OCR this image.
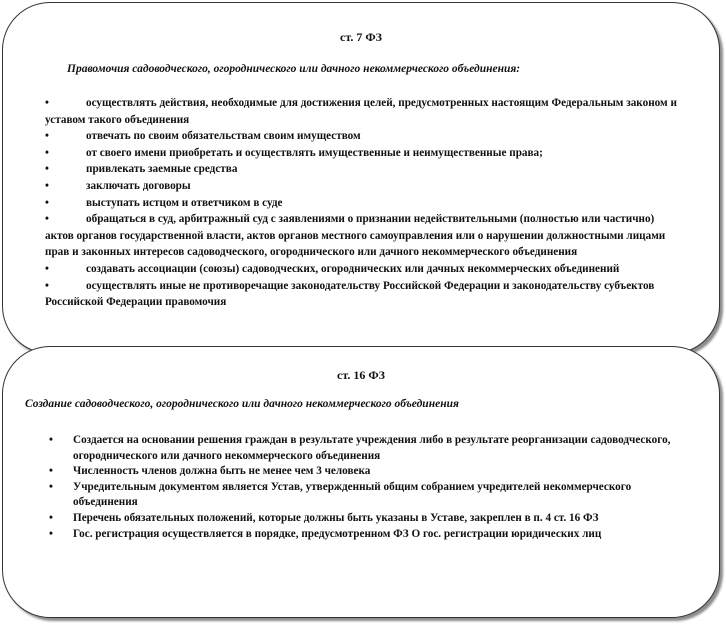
ст. 7 ФЗ
Правомочия садоводческого, огороднического или дачного некоммерческого объединения:
•	осуществлять действия, необходимые для достижения целей, предусмотренных настоящим Федеральным законом и уставом такого объединения
•	отвечать по своим обязательствам своим имуществом
•	от своего имени приобретать и осуществлять имущественные и неимущественные права;
•	привлекать заемные средства
•	заключать договоры
•	выступать истцом и ответчиком в суде
•	обращаться в суд, арбитражный суд с заявлениями о признании недействительными (полностью или частично) актов органов государственной власти, актов органов местного самоуправления или о нарушении должностными лицами прав и законных интересов садоводческого, огороднического или дачного некоммерческого объединения
•	создавать ассоциации (союзы) садоводческих, огороднических или дачных некоммерческих объединений
•	осуществлять иные не противоречащие законодательству Российской Федерации и законодательству субъектов Российской Федерации правомочия
ст. 16 ФЗ
Создание садоводческого, огороднического или дачного некоммерческого объединения
• Создается на основании решения граждан в результате учреждения либо в результате реорганизации садоводческого, огороднического или дачного некоммерческого объединения
• Численность членов должна быть не менее чем 3 человека
• Учредительным документом является Устав, утвержденный общим собранием учредителей некоммерческого объединения
• Перечень обязательных положений, которые должны быть указаны в Уставе, закреплен в п. 4 ст. 16 ФЗ
• Гос. регистрация осуществляется в порядке, предусмотренном ФЗ О гос. регистрации юридических лиц
